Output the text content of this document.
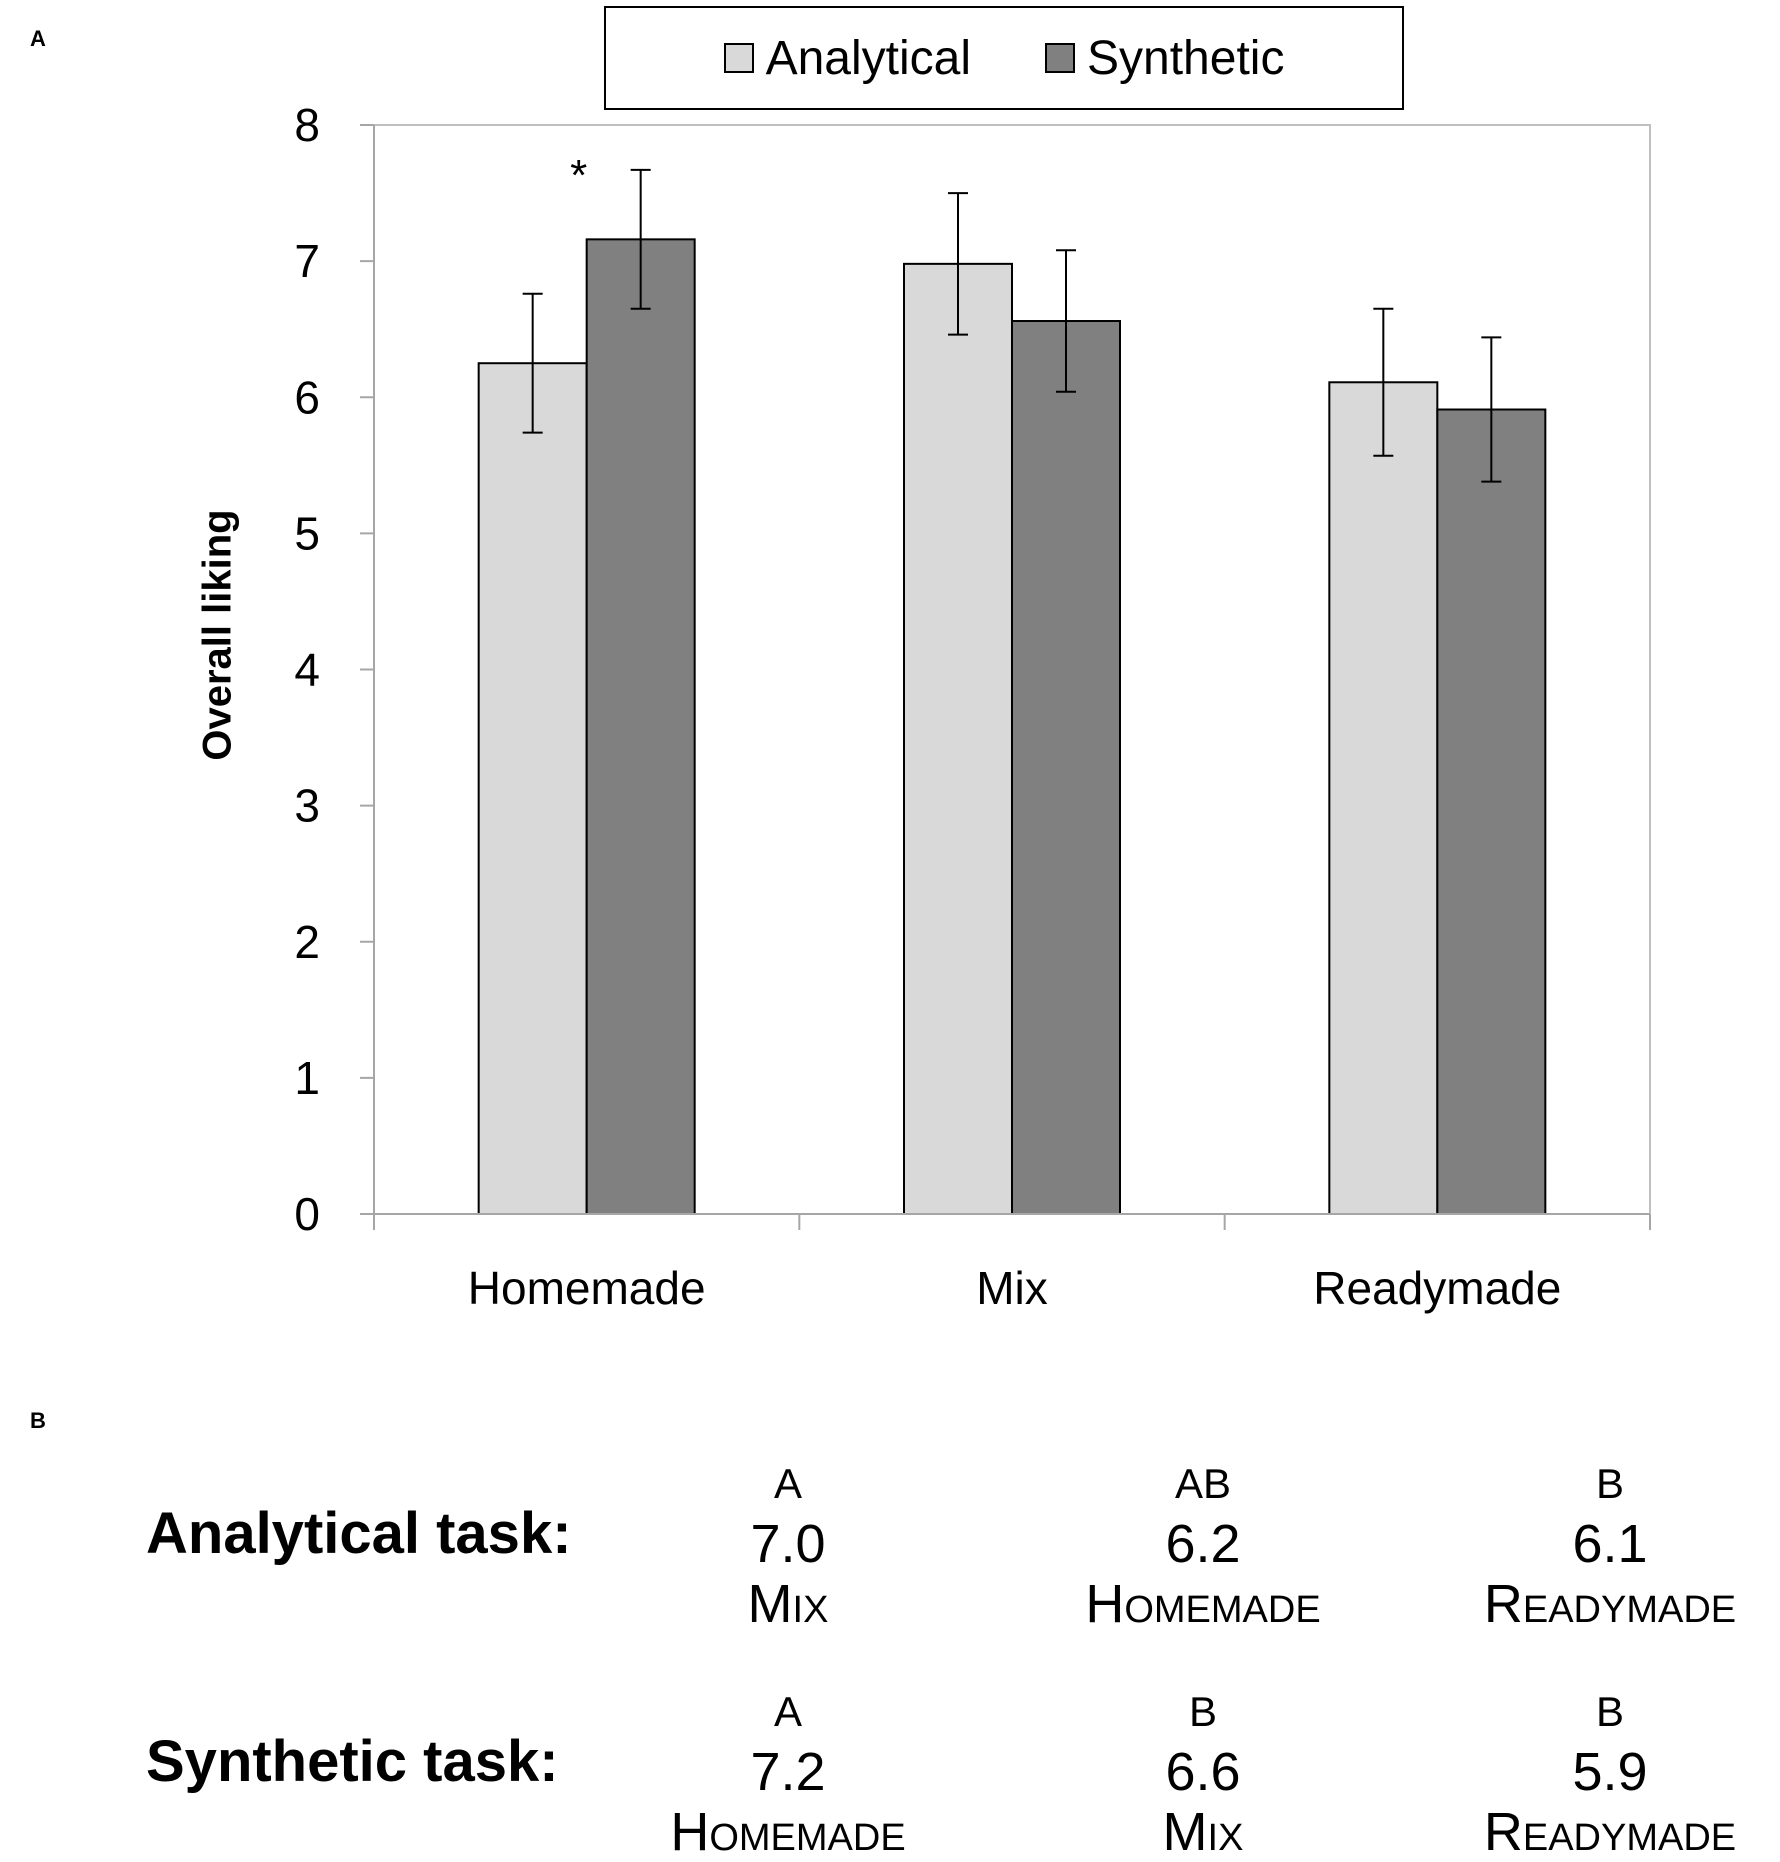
A
0
1
2
3
4
5
6
7
8
Homemade	Mix	Readymade
*
Analytical Synthetic
Overall liking
B
Analytical task:
A
7.0
Mix
AB
6.2
Homemade
B
6.1
Readymade
Synthetic task:
A
7.2
Homemade
B
6.6
Mix
B
5.9
Readymade
